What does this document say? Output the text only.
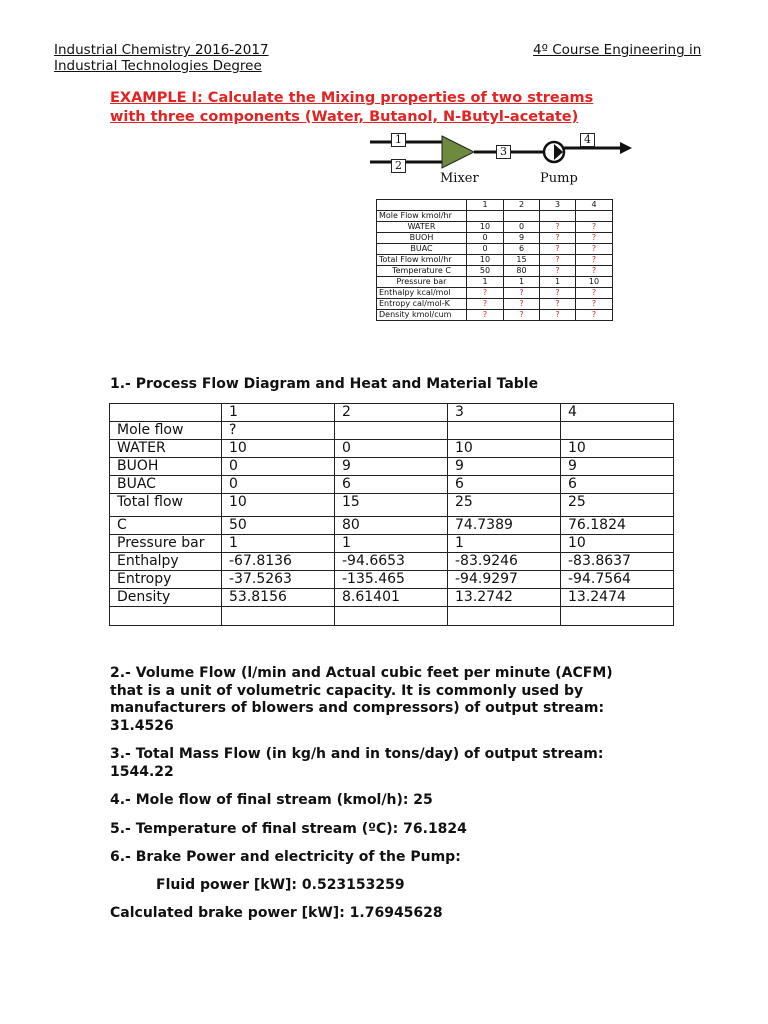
Industrial Chemistry 2016-2017
Industrial Technologies Degree
4º Course Engineering in
EXAMPLE I: Calculate the Mixing properties of two streams
with three components (Water, Butanol, N-Butyl-acetate)
1
2
3
4
Mixer	Pump
	1	2	3	4
Mole Flow kmol/hr				
WATER	10	0	?	?
BUOH	0	9	?	?
BUAC	0	6	?	?
Total Flow kmol/hr	10	15	?	?
Temperature C	50	80	?	?
Pressure bar	1	1	1	10
Enthalpy kcal/mol	?	?	?	?
Entropy cal/mol-K	?	?	?	?
Density kmol/cum	?	?	?	?
1.- Process Flow Diagram and Heat and Material Table
	1	2	3	4
Mole flow	?			
WATER	10	0	10	10
BUOH	0	9	9	9
BUAC	0	6	6	6
Total flow	10	15	25	25
C	50	80	74.7389	76.1824
Pressure bar	1	1	1	10
Enthalpy	-67.8136	-94.6653	-83.9246	-83.8637
Entropy	-37.5263	-135.465	-94.9297	-94.7564
Density	53.8156	8.61401	13.2742	13.2474

2.- Volume Flow (l/min and Actual cubic feet per minute (ACFM)
that is a unit of volumetric capacity. It is commonly used by
manufacturers of blowers and compressors) of output stream:
31.4526
3.- Total Mass Flow (in kg/h and in tons/day) of output stream:
1544.22
4.- Mole flow of final stream (kmol/h): 25
5.- Temperature of final stream (ºC): 76.1824
6.- Brake Power and electricity of the Pump:
Fluid power [kW]: 0.523153259
Calculated brake power [kW]: 1.76945628
